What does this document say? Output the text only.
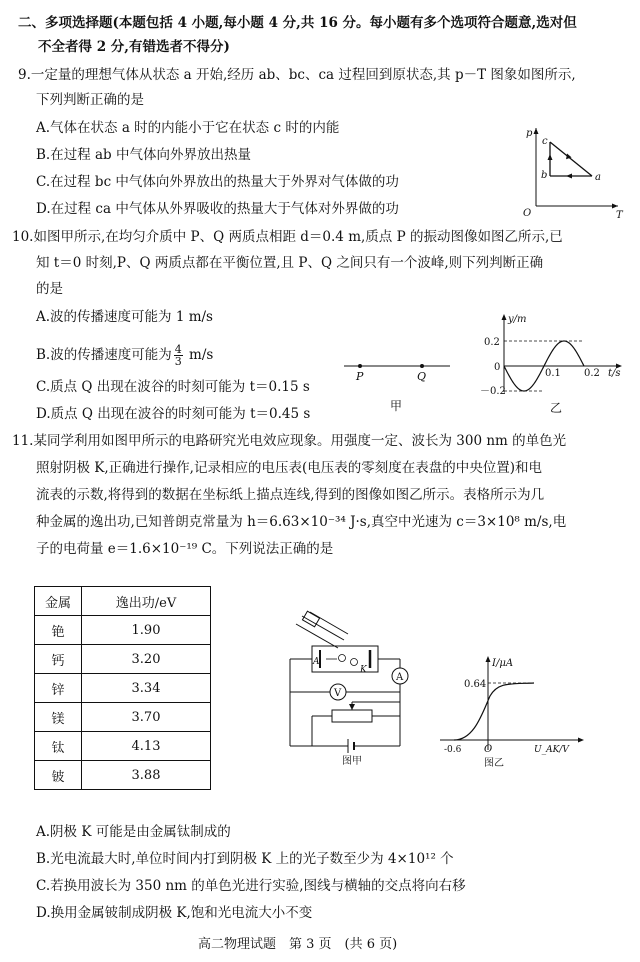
二、多项选择题(本题包括 4 小题,每小题 4 分,共 16 分。每小题有多个选项符合题意,选对但
不全者得 2 分,有错选者不得分)
9.一定量的理想气体从状态 a 开始,经历 ab、bc、ca 过程回到原状态,其 p－T 图象如图所示,
下列判断正确的是
A.气体在状态 a 时的内能小于它在状态 c 时的内能
B.在过程 ab 中气体向外界放出热量
C.在过程 bc 中气体向外界放出的热量大于外界对气体做的功
D.在过程 ca 中气体从外界吸收的热量大于气体对外界做的功
p
c
b	a
O	T
10.如图甲所示,在均匀介质中 P、Q 两质点相距 d＝0.4 m,质点 P 的振动图像如图乙所示,已
知 t＝0 时刻,P、Q 两质点都在平衡位置,且 P、Q 之间只有一个波峰,则下列判断正确
的是
A.波的传播速度可能为 1 m/s
B.波的传播速度可能为 $\frac{4}{3} m/s$
C.质点 Q 出现在波谷的时刻可能为 t＝0.15 s
D.质点 Q 出现在波谷的时刻可能为 t＝0.45 s
P	Q
甲
y/m
0.2
0
－0.2
0.1 0.2 t/s
乙
11.某同学利用如图甲所示的电路研究光电效应现象。用强度一定、波长为 300 nm 的单色光
照射阴极 K,正确进行操作,记录相应的电压表(电压表的零刻度在表盘的中央位置)和电
流表的示数,将得到的数据在坐标纸上描点连线,得到的图像如图乙所示。表格所示为几
种金属的逸出功,已知普朗克常量为 h＝6.63×10⁻³⁴ J·s,真空中光速为 c＝3×10⁸ m/s,电
子的电荷量 e＝1.6×10⁻¹⁹ C。下列说法正确的是
金属	逸出功/eV
铯	1.90
钙	3.20
锌	3.34
镁	3.70
钛	4.13
铍	3.88
A
K
A
V
图甲
I/μA
0.64
-0.6 O	U_AK/V
图乙
A.阴极 K 可能是由金属钛制成的
B.光电流最大时,单位时间内打到阴极 K 上的光子数至少为 4×10¹² 个
C.若换用波长为 350 nm 的单色光进行实验,图线与横轴的交点将向右移
D.换用金属铍制成阴极 K,饱和光电流大小不变
高二物理试题　第 3 页　(共 6 页)
